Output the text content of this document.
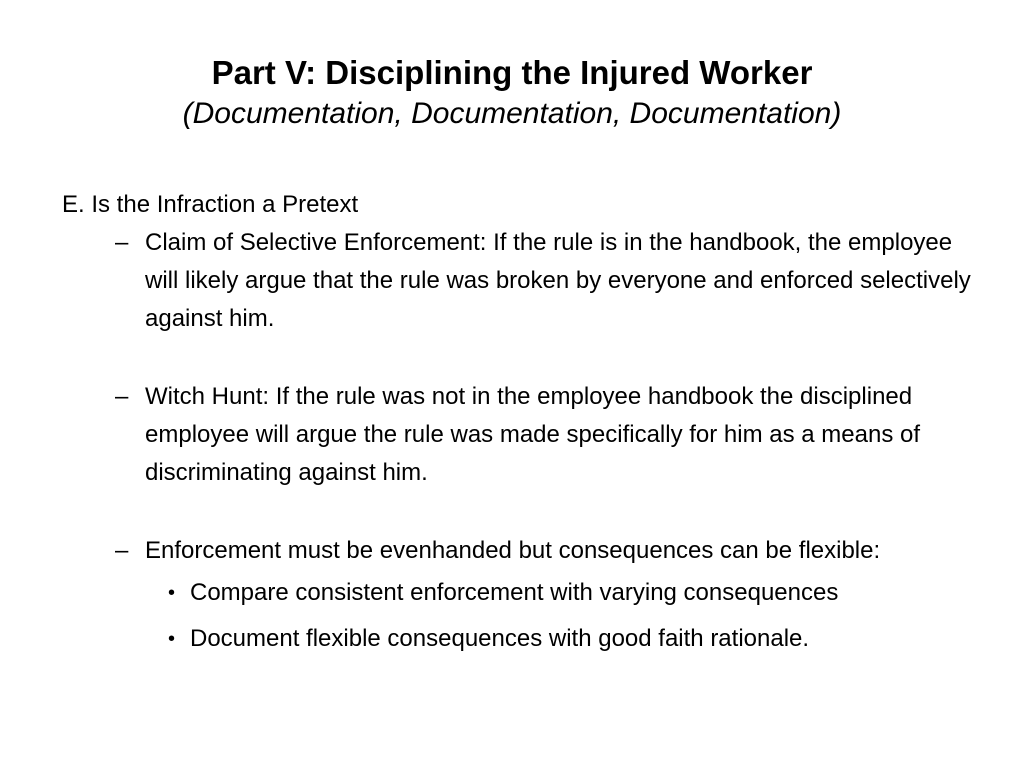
Part V: Disciplining the Injured Worker
(Documentation, Documentation, Documentation)
E. Is the Infraction a Pretext
– Claim of Selective Enforcement: If the rule is in the handbook, the employee will likely argue that the rule was broken by everyone and enforced selectively against him.
– Witch Hunt: If the rule was not in the employee handbook the disciplined employee will argue the rule was made specifically for him as a means of discriminating against him.
– Enforcement must be evenhanded but consequences can be flexible:
• Compare consistent enforcement with varying consequences
• Document flexible consequences with good faith rationale.
